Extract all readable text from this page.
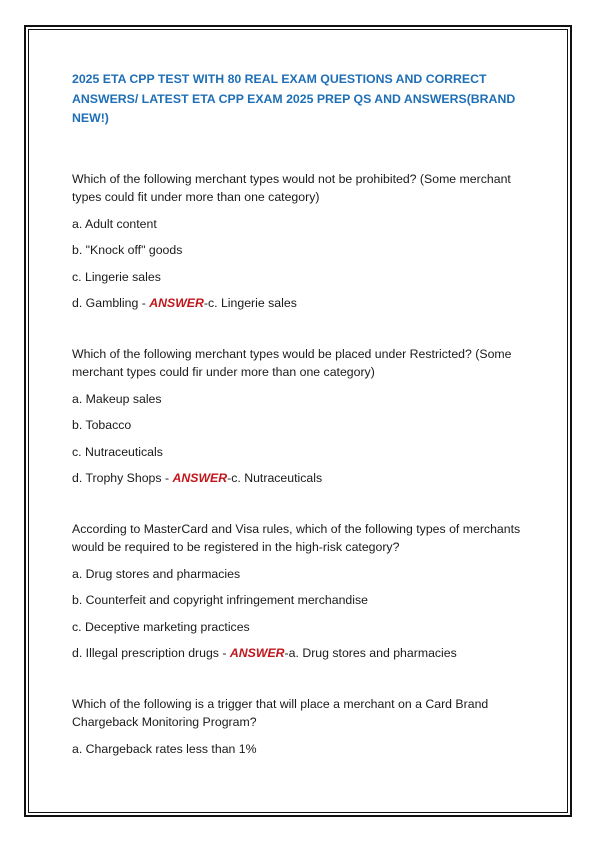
2025 ETA CPP TEST WITH 80 REAL EXAM QUESTIONS AND CORRECT ANSWERS/ LATEST ETA CPP EXAM 2025 PREP QS AND ANSWERS(BRAND NEW!)

Which of the following merchant types would not be prohibited? (Some merchant types could fit under more than one category)

a. Adult content

b. "Knock off" goods

c. Lingerie sales

d. Gambling - ANSWER-c. Lingerie sales

Which of the following merchant types would be placed under Restricted? (Some merchant types could fir under more than one category)

a. Makeup sales

b. Tobacco

c. Nutraceuticals

d. Trophy Shops - ANSWER-c. Nutraceuticals

According to MasterCard and Visa rules, which of the following types of merchants would be required to be registered in the high-risk category?

a. Drug stores and pharmacies

b. Counterfeit and copyright infringement merchandise

c. Deceptive marketing practices

d. Illegal prescription drugs - ANSWER-a. Drug stores and pharmacies

Which of the following is a trigger that will place a merchant on a Card Brand Chargeback Monitoring Program?

a. Chargeback rates less than 1%
